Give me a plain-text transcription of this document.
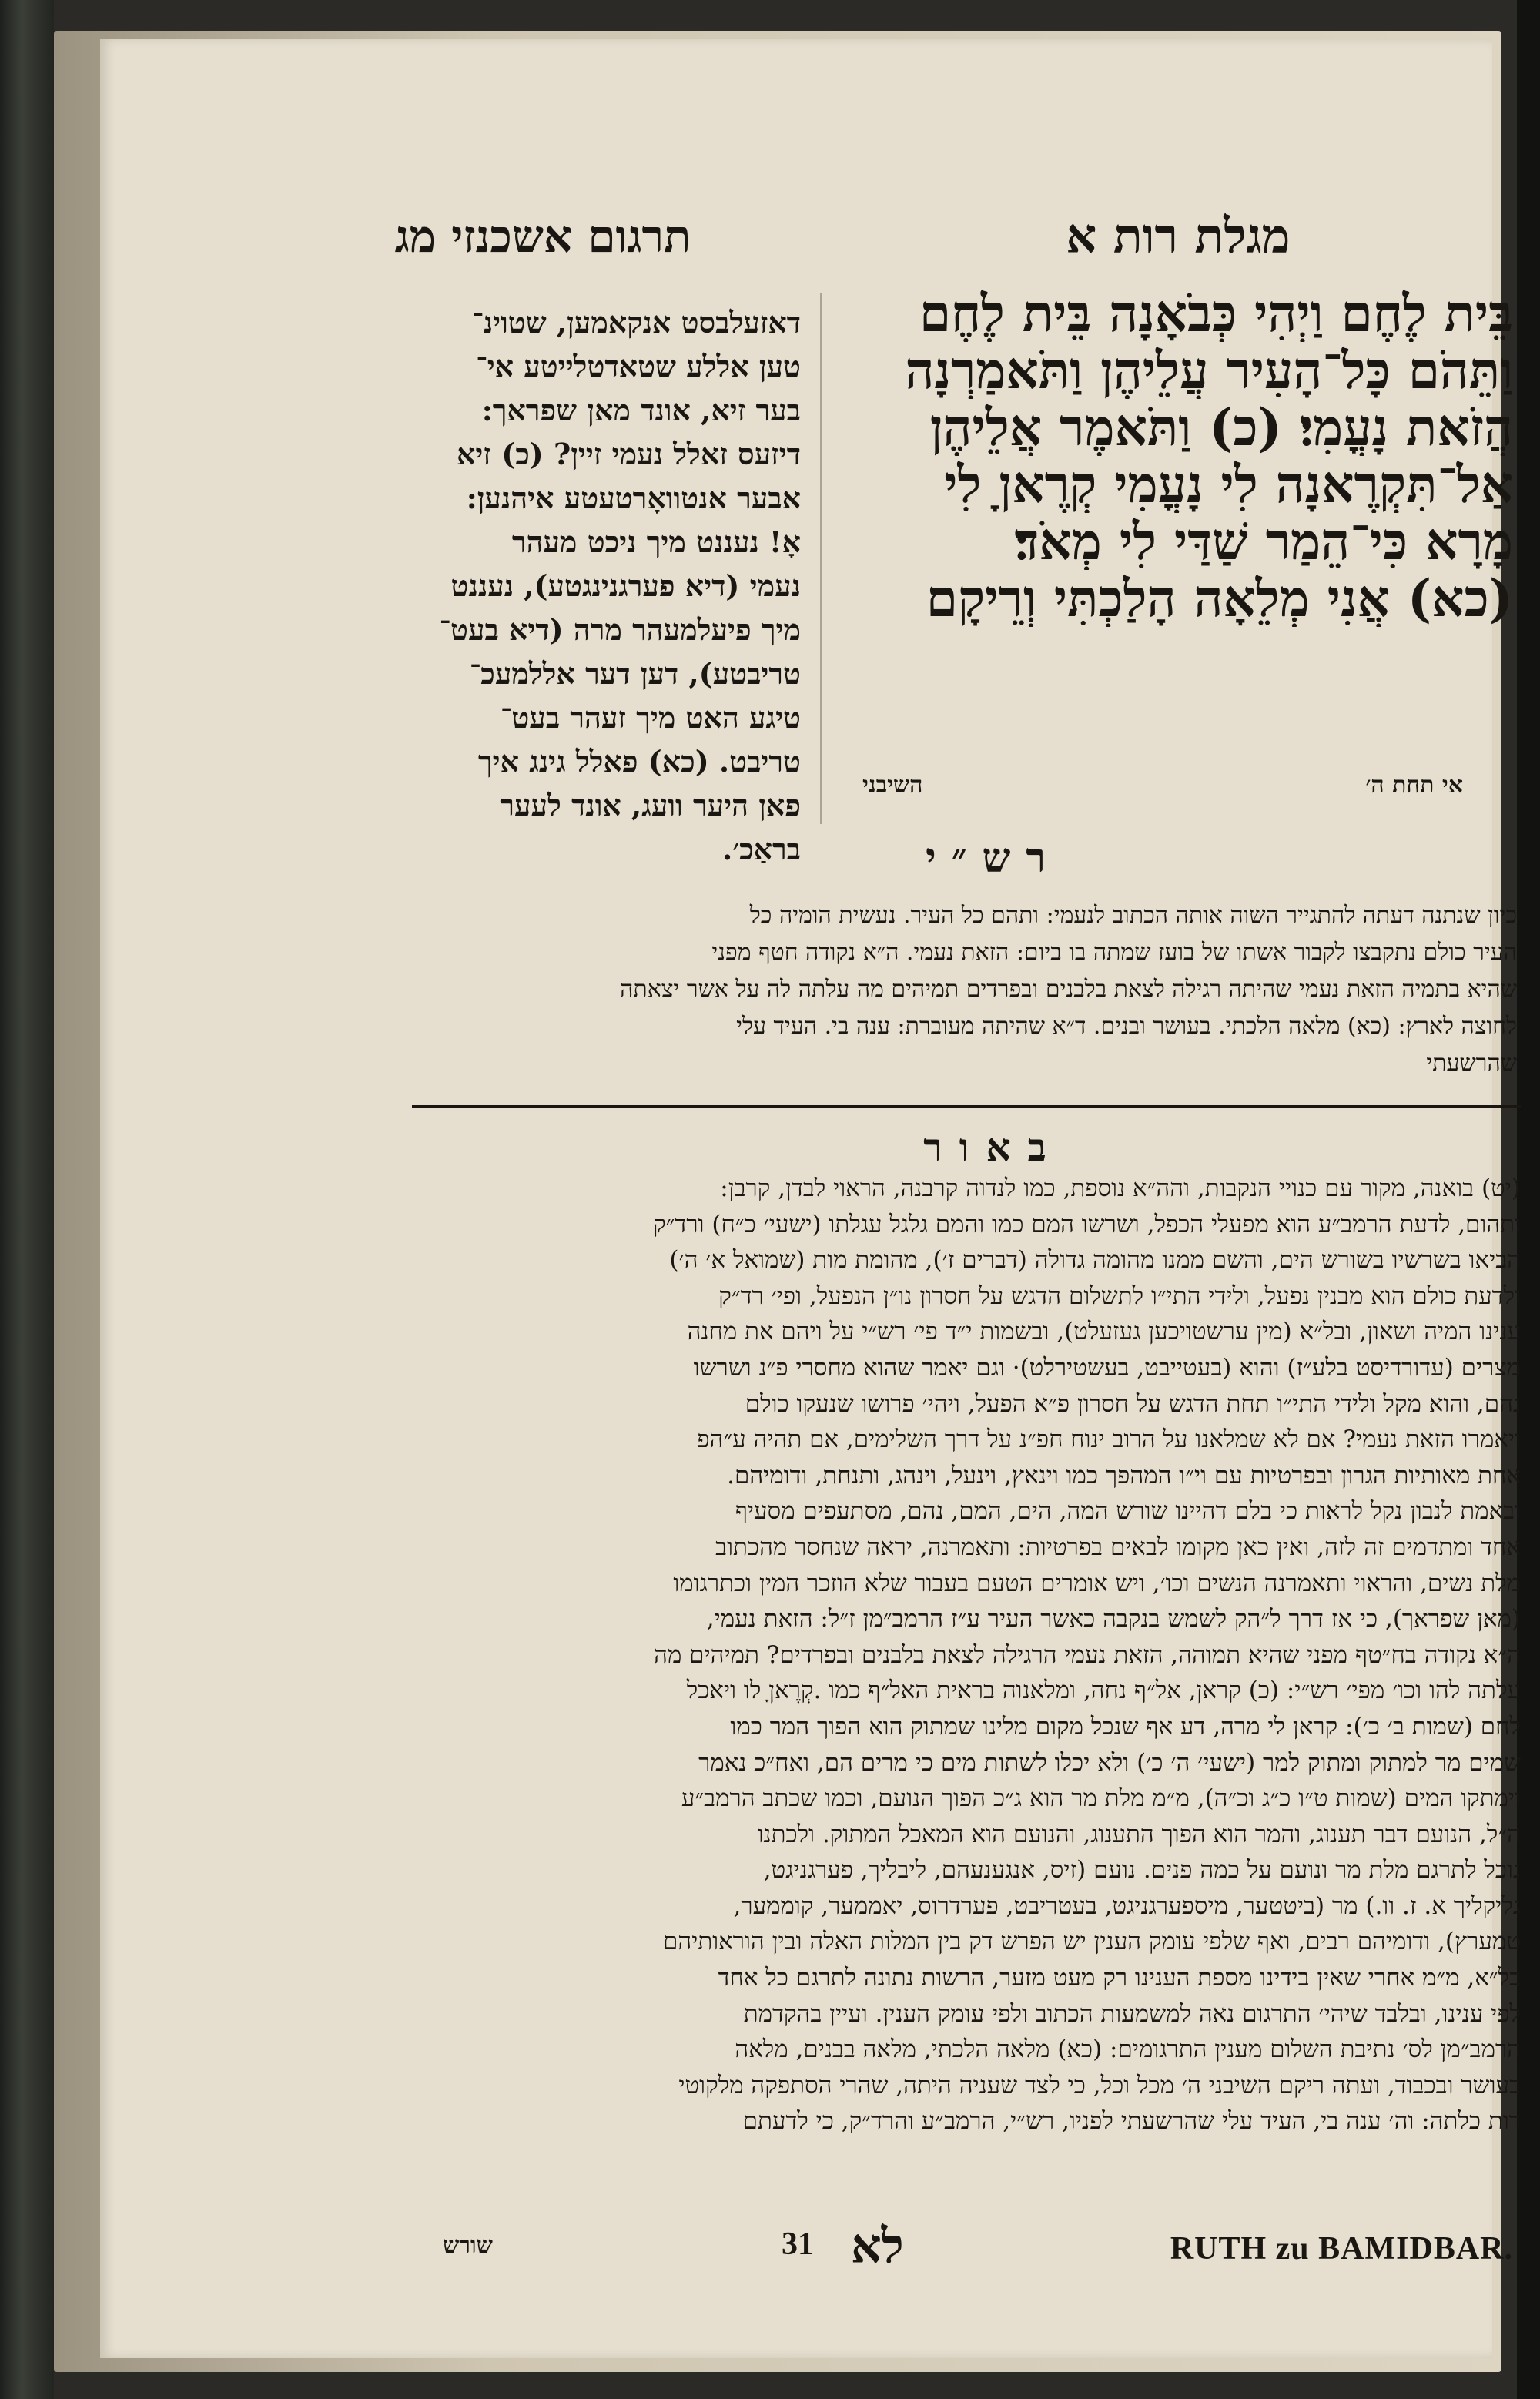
תרגום אשכנזי מג	מגלת רות א
דאזעלבסט אנקאמען, שטוינ־
טען אללע שטאדטלייטע אי־
בער זיא, אונד מאן שפראך:
דיזעס זאלל נעמי זיין? (כ) זיא
אבער אנטוואָרטעטע איהנען:
אָ! נעננט מיך ניכט מעהר
נעמי (דיא פערגנינגטע), נעננט
מיך פיעלמעהר מרה (דיא בעט־
טריבטע), דען דער אללמעכ־
טיגע האט מיך זעהר בעט־
טריבט. (כא) פאלל גינג איך
פאן היער וועג, אונד לעער
בראַכ׳.
בֵּית לֶחֶם וַיְהִי כְּבֹאָנָה בֵּית לֶחֶם
וַתֵּהֹם כָּל־הָעִיר עֲלֵיהֶן וַתֹּאמַרְנָה
הֲזֹאת נָעֳמִי׃ (כ) וַתֹּאמֶר אֲלֵיהֶן
אַל־תִּקְרֶאנָה לִי נָעֳמִי קְרֶאןָ לִי
מָרָא כִּי־הֵמַר שַׁדַּי לִי מְאֹד׃
(כא) אֲנִי מְלֵאָה הָלַכְתִּי וְרֵיקָם
אי תחת ה׳
השיבני
רש״י
כיון שנתנה דעתה להתגייר השוה אותה הכתוב לנעמי: ותהם כל העיר. נעשית הומיה כל
העיר כולם נתקבצו לקבור אשתו של בועז שמתה בו ביום: הזאת נעמי. ה״א נקודה חטף מפני
שהיא בתמיה הזאת נעמי שהיתה רגילה לצאת בלבנים ובפרדים תמיהים מה עלתה לה על אשר יצאתה
לחוצה לארץ: (כא) מלאה הלכתי. בעושר ובנים. ד״א שהיתה מעוברת: ענה בי. העיד עלי
שהרשעתי
באור
(יט) בואנה, מקור עם כנויי הנקבות, והה״א נוספת, כמו לנדוה קרבנה, הראוי לבדן, קרבן:
ותהום, לדעת הרמב״ע הוא מפעלי הכפל, ושרשו המם כמו והמם גלגל עגלתו (ישעי׳ כ״ח) ורד״ק
הביאו בשרשיו בשורש הים, והשם ממנו מהומה גדולה (דברים ז׳), מהומת מות (שמואל א׳ ה׳)
ולדעת כולם הוא מבנין נפעל, ולידי התי״ו לתשלום הדגש על חסרון נו״ן הנפעל, ופי׳ רד״ק
ענינו המיה ושאון, ובל״א (מין ערשטויכען געזעלט), ובשמות י״ד פי׳ רש״י על ויהם את מחנה
מצרים (עדורדיסט בלע״ז) והוא (בעטייבט, בעשטירלט)· וגם יאמר שהוא מחסרי פ״נ ושרשו
נהם, והוא מקל ולידי התי״ו תחת הדגש על חסרון פ״א הפעל, ויהי׳ פרושו שנעקו כולם
ויאמרו הזאת נעמי? אם לא שמלאנו על הרוב ינוח חפ״נ על דרך השלימים, אם תהיה ע״הפ
אחת מאותיות הגרון ובפרטיות עם וי״ו המהפך כמו וינאץ, וינעל, וינהג, ותנחת, ודומיהם.
ובאמת לנבון נקל לראות כי בלם דהיינו שורש המה, הים, המם, נהם, מסתעפים מסעיף
אחד ומתדמים זה לזה, ואין כאן מקומו לבאים בפרטיות: ותאמרנה, יראה שנחסר מהכתוב
מלת נשים, והראוי ותאמרנה הנשים וכו׳, ויש אומרים הטעם בעבור שלא הוזכר המין וכתרגומו
(מאן שפראך), כי אז דרך ל״הק לשמש בנקבה כאשר העיר ע״ז הרמב״מן ז״ל: הזאת נעמי,
ה״א נקודה בח״טף מפני שהיא תמוהה, הזאת נעמי הרגילה לצאת בלבנים ובפרדים? תמיהים מה
עלתה להו וכו׳ מפי׳ רש״י: (כ) קראן, אל״ף נחה, ומלאנוה בראית האל״ף כמו .קְרֶאןָ לו ויאכל
לחם (שמות ב׳ כ׳): קראן לי מרה, דע אף שנכל מקום מלינו שמתוק הוא הפוך המר כמו
שמים מר למתוק ומתוק למר (ישעי׳ ה׳ כ׳) ולא יכלו לשתות מים כי מרים הם, ואח״כ נאמר
וימתקו המים (שמות ט״ו כ״ג וכ״ה), מ״מ מלת מר הוא ג״כ הפוך הנועם, וכמו שכתב הרמב״ע
ה״ל, הנועם דבר תענוג, והמר הוא הפוך התענוג, והנועם הוא המאכל המתוק. ולכתנו
נוכל לתרגם מלת מר ונועם על כמה פנים. נועם (זיס, אנגענעהם, ליבליך, פערגניגט,
גליקליך א. ז. וו.) מר (ביטטער, מיספערגניגט, בעטריבט, פערדרוס, יאממער, קוממער,
טמערץ), ודומיהם רבים, ואף שלפי עומק הענין יש הפרש דק בין המלות האלה ובין הוראותיהם
בל״א, מ״מ אחרי שאין בידינו מספת הענינו רק מעט מזער, הרשות נתונה לתרגם כל אחד
לפי ענינו, ובלבד שיהי׳ התרגום נאה למשמעות הכתוב ולפי עומק הענין. ועיין בהקדמת
הרמב״מן לס׳ נתיבת השלום מענין התרגומים: (כא) מלאה הלכתי, מלאה בבנים, מלאה
בעושר ובכבוד, ועתה ריקם השיבני ה׳ מכל וכל, כי לצד שעניה היתה, שהרי הסתפקה מלקוטי
רות כלתה: וה׳ ענה בי, העיד עלי שהרשעתי לפניו, רש״י, הרמב״ע והרד״ק, כי לדעתם
שורש	31 לא	RUTH zu BAMIDBAR.
